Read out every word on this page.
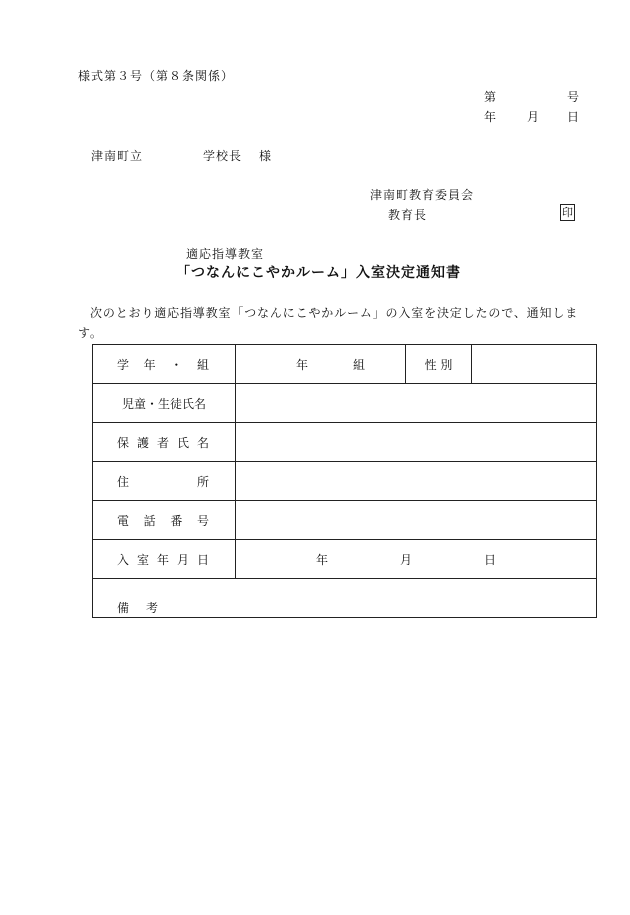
様式第３号（第８条関係）
第	号
年	月 日
津南町立	学校長 様
津南町教育委員会
教育長	印
適応指導教室
「つなんにこやかルーム」入室決定通知書
次のとおり適応指導教室「つなんにこやかルーム」の入室を決定したので、通知します。
学 年 ・ 組	年 組	性 別	
児童・生徒氏名			

保 護 者 氏 名			

住 所			

電 話 番 号			

入 室 年 月 日	年 月 日		

備 考			
